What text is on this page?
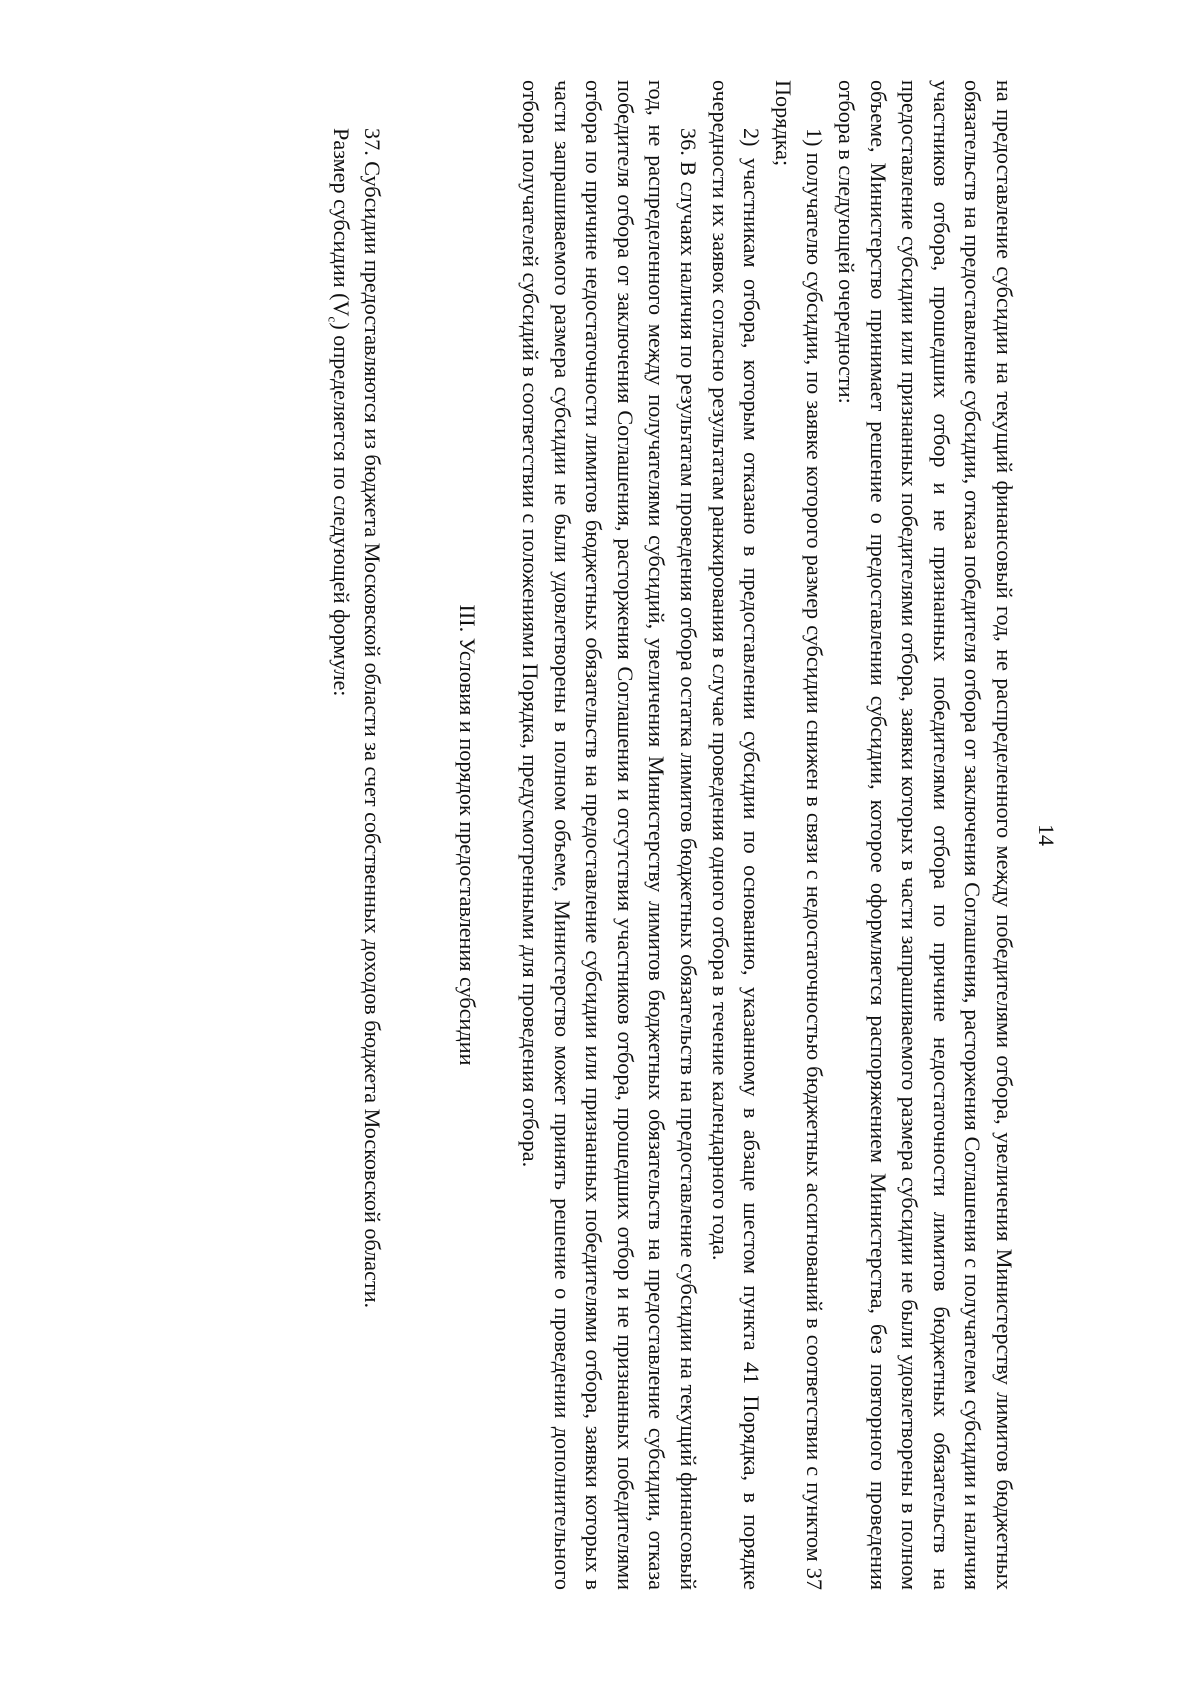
14

на предоставление субсидии на текущий финансовый год, не распределенного между победителями отбора, увеличения Министерству лимитов бюджетных обязательств на предоставление субсидии, отказа победителя отбора от заключения Соглашения, расторжения Соглашения с получателем субсидии и наличия участников отбора, прошедших отбор и не признанных победителями отбора по причине недостаточности лимитов бюджетных обязательств на предоставление субсидии или признанных победителями отбора, заявки которых в части запрашиваемого размера субсидии не были удовлетворены в полном объеме, Министерство принимает решение о предоставлении субсидии, которое оформляется распоряжением Министерства, без повторного проведения отбора в следующей очередности:

1) получателю субсидии, по заявке которого размер субсидии снижен в связи с недостаточностью бюджетных ассигнований в соответствии с пунктом 37 Порядка;

2) участникам отбора, которым отказано в предоставлении субсидии по основанию, указанному в абзаце шестом пункта 41 Порядка, в порядке очередности их заявок согласно результатам ранжирования в случае проведения одного отбора в течение календарного года.

36. В случаях наличия по результатам проведения отбора остатка лимитов бюджетных обязательств на предоставление субсидии на текущий финансовый год, не распределенного между получателями субсидий, увеличения Министерству лимитов бюджетных обязательств на предоставление субсидии, отказа победителя отбора от заключения Соглашения, расторжения Соглашения и отсутствия участников отбора, прошедших отбор и не признанных победителями отбора по причине недостаточности лимитов бюджетных обязательств на предоставление субсидии или признанных победителями отбора, заявки которых в части запрашиваемого размера субсидии не были удовлетворены в полном объеме, Министерство может принять решение о проведении дополнительного отбора получателей субсидий в соответствии с положениями Порядка, предусмотренными для проведения отбора.

III. Условия и порядок предоставления субсидии

37. Субсидии предоставляются из бюджета Московской области за счет собственных доходов бюджета Московской области.

Размер субсидии $(V_с)$ определяется по следующей формуле:
